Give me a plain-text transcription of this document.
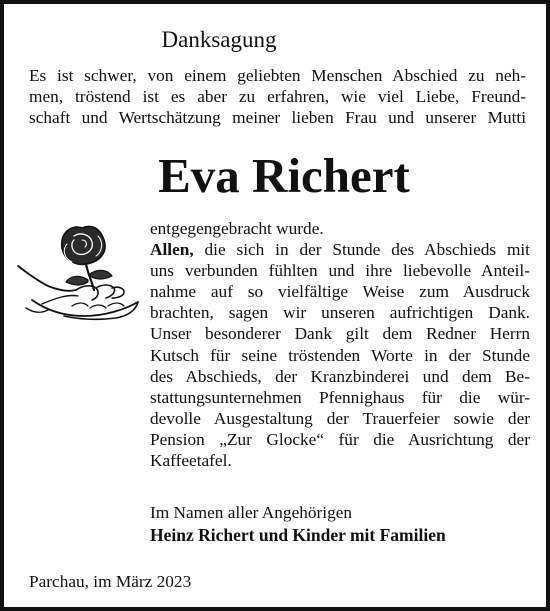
Danksagung
Es ist schwer, von einem geliebten Menschen Abschied zu neh-
men, tröstend ist es aber zu erfahren, wie viel Liebe, Freund-
schaft und Wertschätzung meiner lieben Frau und unserer Mutti
Eva Richert
entgegengebracht wurde.
Allen, die sich in der Stunde des Abschieds mit
uns verbunden fühlten und ihre liebevolle Anteil-
nahme auf so vielfältige Weise zum Ausdruck
brachten, sagen wir unseren aufrichtigen Dank.
Unser besonderer Dank gilt dem Redner Herrn
Kutsch für seine tröstenden Worte in der Stunde
des Abschieds, der Kranzbinderei und dem Be-
stattungsunternehmen Pfennighaus für die wür-
devolle Ausgestaltung der Trauerfeier sowie der
Pension „Zur Glocke“ für die Ausrichtung der
Kaffeetafel.
Im Namen aller Angehörigen
Heinz Richert und Kinder mit Familien
Parchau, im März 2023
